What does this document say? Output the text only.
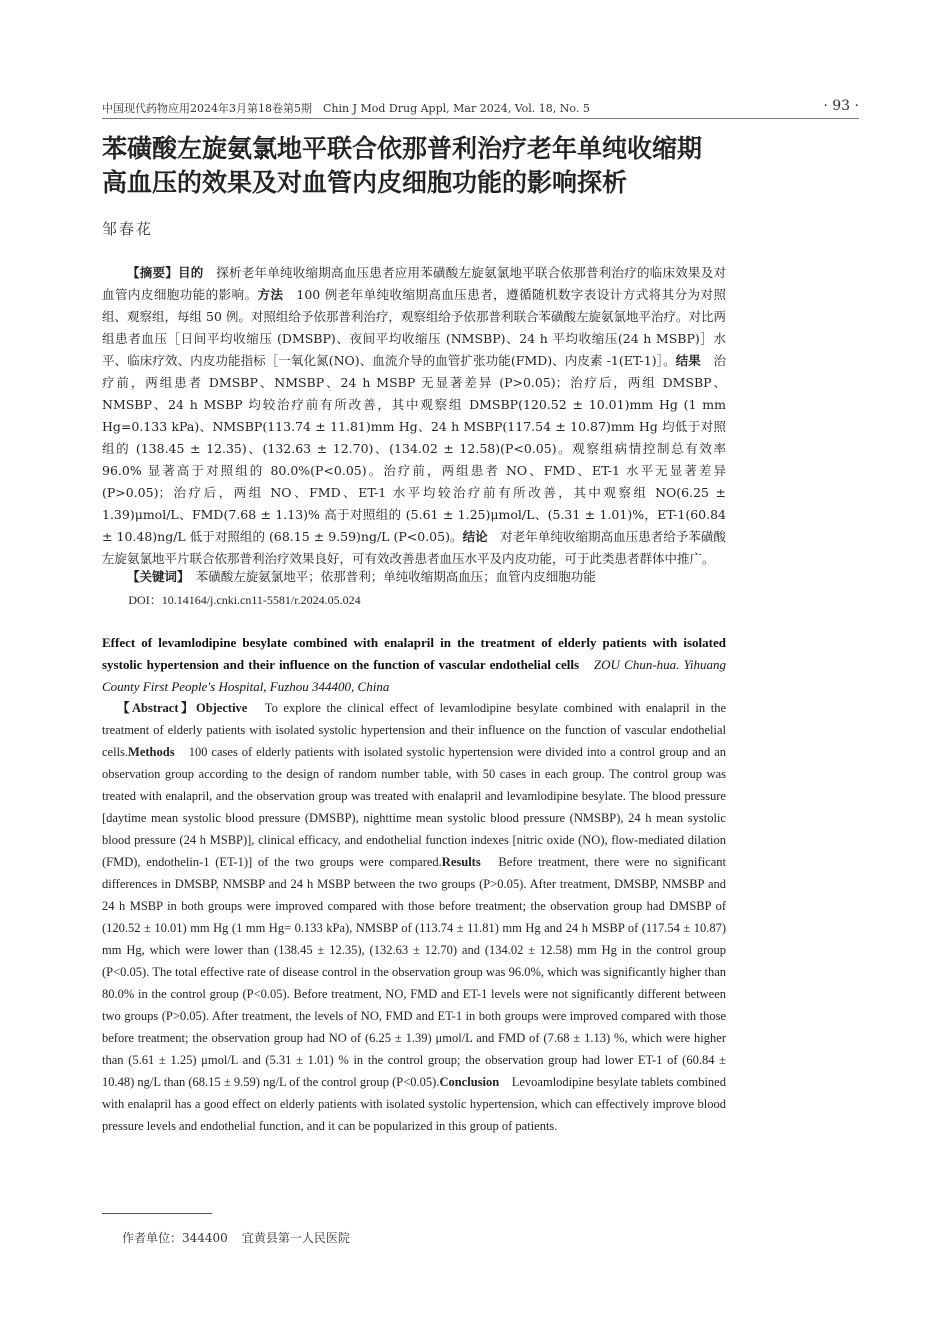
中国现代药物应用2024年3月第18卷第5期　Chin J Mod Drug Appl, Mar 2024, Vol. 18, No. 5	· 93 ·
苯磺酸左旋氨氯地平联合依那普利治疗老年单纯收缩期
高血压的效果及对血管内皮细胞功能的影响探析
邹春花

【摘要】目的　探析老年单纯收缩期高血压患者应用苯磺酸左旋氨氯地平联合依那普利治疗的临床效果及对血管内皮细胞功能的影响。方法　100 例老年单纯收缩期高血压患者，遵循随机数字表设计方式将其分为对照组、观察组，每组 50 例。对照组给予依那普利治疗，观察组给予依那普利联合苯磺酸左旋氨氯地平治疗。对比两组患者血压［日间平均收缩压 (DMSBP)、夜间平均收缩压 (NMSBP)、24 h 平均收缩压(24 h MSBP)］水平、临床疗效、内皮功能指标［一氧化氮(NO)、血流介导的血管扩张功能(FMD)、内皮素 -1(ET-1)］。结果　治疗前，两组患者 DMSBP、NMSBP、24 h MSBP 无显著差异 (P>0.05)；治疗后，两组 DMSBP、NMSBP、24 h MSBP 均较治疗前有所改善，其中观察组 DMSBP(120.52 ± 10.01)mm Hg (1 mm Hg=0.133 kPa)、NMSBP(113.74 ± 11.81)mm Hg、24 h MSBP(117.54 ± 10.87)mm Hg 均低于对照组的 (138.45 ± 12.35)、(132.63 ± 12.70)、(134.02 ± 12.58)(P<0.05)。观察组病情控制总有效率 96.0% 显著高于对照组的 80.0%(P<0.05)。治疗前，两组患者 NO、FMD、ET-1 水平无显著差异 (P>0.05)；治疗后，两组 NO、FMD、ET-1 水平均较治疗前有所改善，其中观察组 NO(6.25 ± 1.39)μmol/L、FMD(7.68 ± 1.13)% 高于对照组的 (5.61 ± 1.25)μmol/L、(5.31 ± 1.01)%，ET-1(60.84 ± 10.48)ng/L 低于对照组的 (68.15 ± 9.59)ng/L (P<0.05)。结论　对老年单纯收缩期高血压患者给予苯磺酸左旋氨氯地平片联合依那普利治疗效果良好，可有效改善患者血压水平及内皮功能，可于此类患者群体中推广。

【关键词】　苯磺酸左旋氨氯地平；依那普利；单纯收缩期高血压；血管内皮细胞功能
DOI：10.14164/j.cnki.cn11-5581/r.2024.05.024
Effect of levamlodipine besylate combined with enalapril in the treatment of elderly patients with isolated systolic hypertension and their influence on the function of vascular endothelial cells　ZOU Chun-hua. Yihuang County First People's Hospital, Fuzhou 344400, China

【Abstract】Objective　To explore the clinical effect of levamlodipine besylate combined with enalapril in the treatment of elderly patients with isolated systolic hypertension and their influence on the function of vascular endothelial cells.Methods　100 cases of elderly patients with isolated systolic hypertension were divided into a control group and an observation group according to the design of random number table, with 50 cases in each group. The control group was treated with enalapril, and the observation group was treated with enalapril and levamlodipine besylate. The blood pressure [daytime mean systolic blood pressure (DMSBP), nighttime mean systolic blood pressure (NMSBP), 24 h mean systolic blood pressure (24 h MSBP)], clinical efficacy, and endothelial function indexes [nitric oxide (NO), flow-mediated dilation (FMD), endothelin-1 (ET-1)] of the two groups were compared.Results　Before treatment, there were no significant differences in DMSBP, NMSBP and 24 h MSBP between the two groups (P>0.05). After treatment, DMSBP, NMSBP and 24 h MSBP in both groups were improved compared with those before treatment; the observation group had DMSBP of (120.52 ± 10.01) mm Hg (1 mm Hg= 0.133 kPa), NMSBP of (113.74 ± 11.81) mm Hg and 24 h MSBP of (117.54 ± 10.87) mm Hg, which were lower than (138.45 ± 12.35), (132.63 ± 12.70) and (134.02 ± 12.58) mm Hg in the control group (P<0.05). The total effective rate of disease control in the observation group was 96.0%, which was significantly higher than 80.0% in the control group (P<0.05). Before treatment, NO, FMD and ET-1 levels were not significantly different between two groups (P>0.05). After treatment, the levels of NO, FMD and ET-1 in both groups were improved compared with those before treatment; the observation group had NO of (6.25 ± 1.39) μmol/L and FMD of (7.68 ± 1.13) %, which were higher than (5.61 ± 1.25) μmol/L and (5.31 ± 1.01) % in the control group; the observation group had lower ET-1 of (60.84 ± 10.48) ng/L than (68.15 ± 9.59) ng/L of the control group (P<0.05).Conclusion　Levoamlodipine besylate tablets combined with enalapril has a good effect on elderly patients with isolated systolic hypertension, which can effectively improve blood pressure levels and endothelial function, and it can be popularized in this group of patients.

作者单位：344400 宜黄县第一人民医院
